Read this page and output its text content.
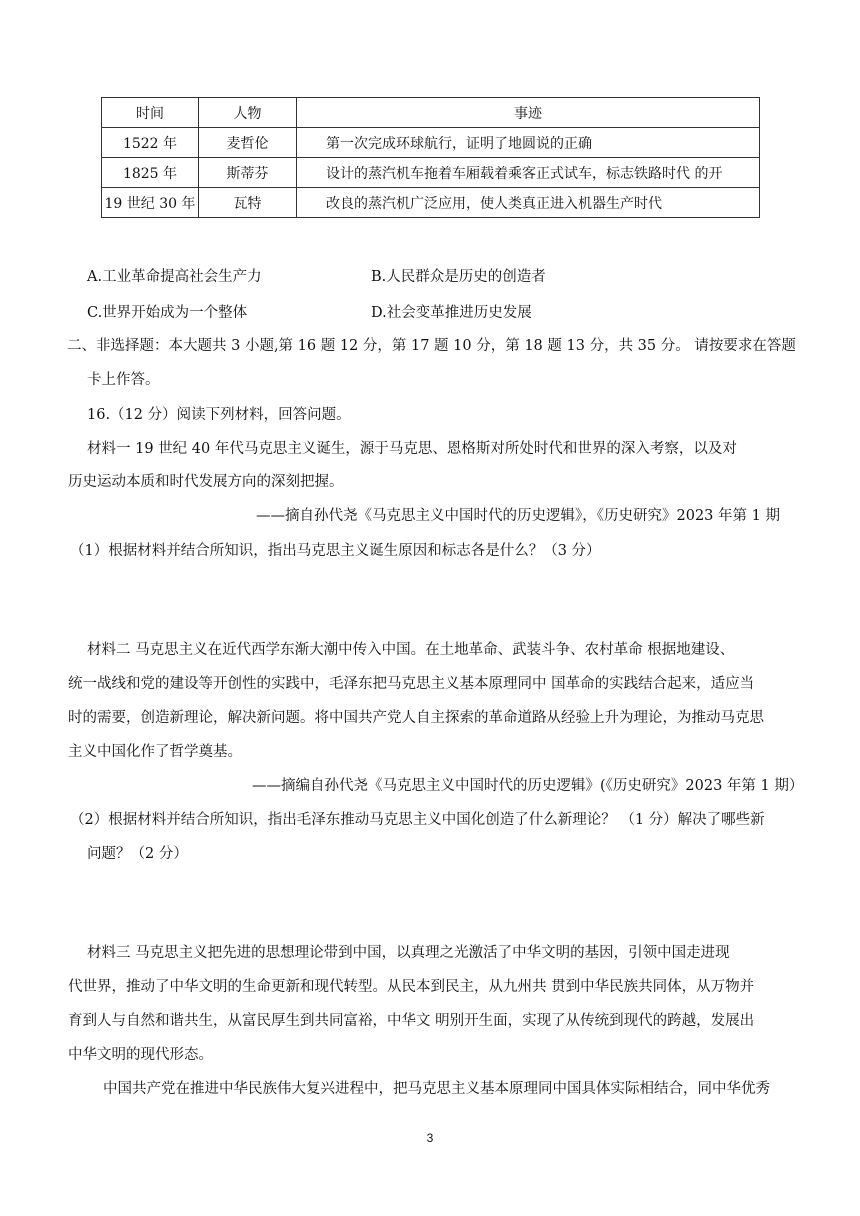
时间	人物	事迹
1522 年	麦哲伦	第一次完成环球航行，证明了地圆说的正确
1825 年	斯蒂芬	设计的蒸汽机车拖着车厢载着乘客正式试车，标志铁路时代 的开
19 世纪 30 年	瓦特	改良的蒸汽机广泛应用，使人类真正进入机器生产时代
A.工业革命提高社会生产力	B.人民群众是历史的创造者
C.世界开始成为一个整体	D.社会变革推进历史发展
二、非选择题：本大题共 3 小题,第 16 题 12 分，第 17 题 10 分，第 18 题 13 分，共 35 分。 请按要求在答题
卡上作答。
16.（12 分）阅读下列材料，回答问题。
材料一 19 世纪 40 年代马克思主义诞生，源于马克思、恩格斯对所处时代和世界的深入考察，以及对
历史运动本质和时代发展方向的深刻把握。
——摘自孙代尧《马克思主义中国时代的历史逻辑》，《历史研究》2023 年第 1 期
（1）根据材料并结合所知识，指出马克思主义诞生原因和标志各是什么？（3 分）
材料二 马克思主义在近代西学东渐大潮中传入中国。在土地革命、武装斗争、农村革命 根据地建设、
统一战线和党的建设等开创性的实践中，毛泽东把马克思主义基本原理同中 国革命的实践结合起来，适应当
时的需要，创造新理论，解决新问题。将中国共产党人自主探索的革命道路从经验上升为理论，为推动马克思
主义中国化作了哲学奠基。
——摘编自孙代尧《马克思主义中国时代的历史逻辑》(《历史研究》2023 年第 1 期）
（2）根据材料并结合所知识，指出毛泽东推动马克思主义中国化创造了什么新理论？ （1 分）解决了哪些新
问题？（2 分）
材料三 马克思主义把先进的思想理论带到中国，以真理之光激活了中华文明的基因，引领中国走进现
代世界，推动了中华文明的生命更新和现代转型。从民本到民主，从九州共 贯到中华民族共同体，从万物并
育到人与自然和谐共生，从富民厚生到共同富裕，中华文 明别开生面，实现了从传统到现代的跨越，发展出
中华文明的现代形态。
中国共产党在推进中华民族伟大复兴进程中，把马克思主义基本原理同中国具体实际相结合，同中华优秀
3
